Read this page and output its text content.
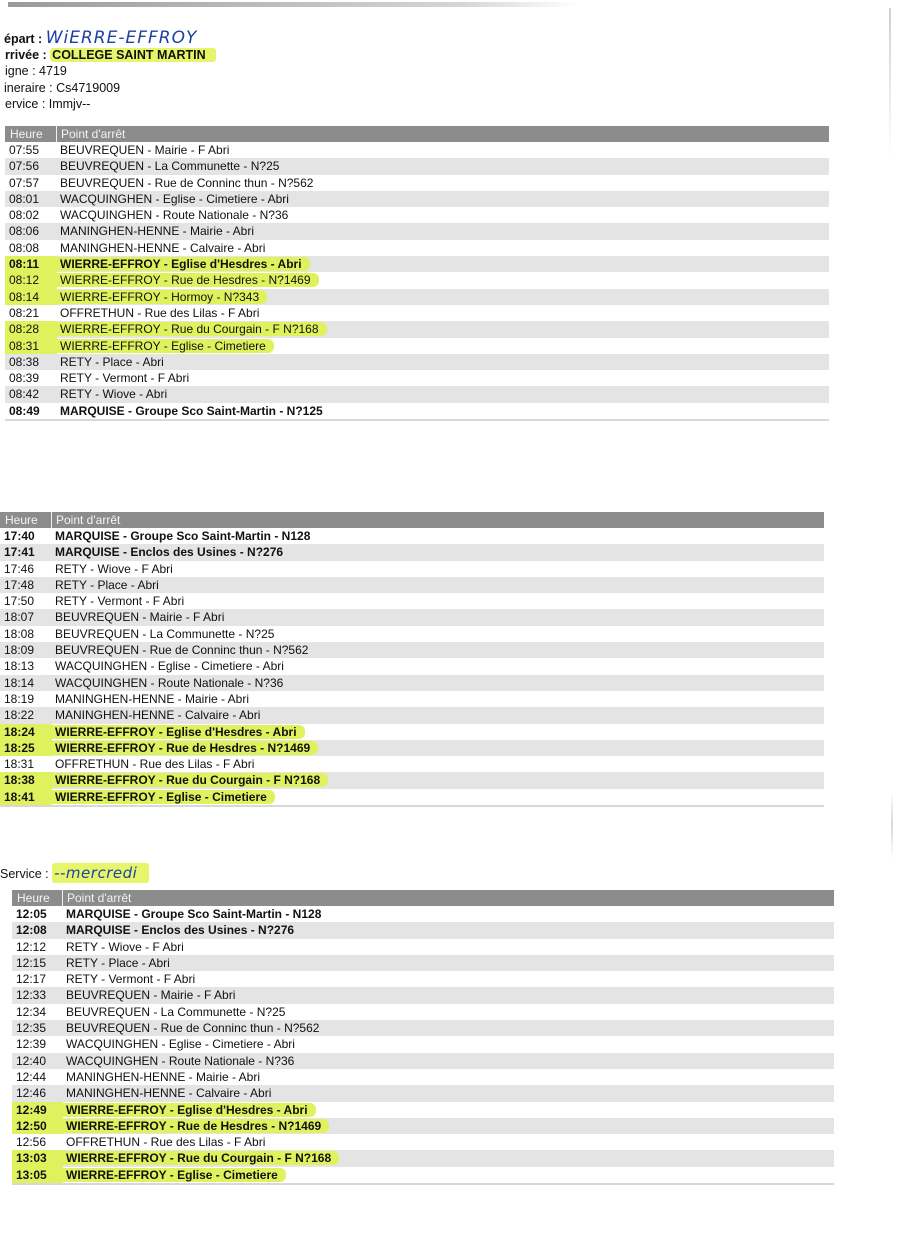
épart : WiERRE-EFFROY
rrivée : COLLEGE SAINT MARTIN
igne : 4719
ineraire : Cs4719009
ervice : Immjv--
Heure	Point d'arrêt
07:55	BEUVREQUEN - Mairie - F Abri
07:56	BEUVREQUEN - La Communette - N?25
07:57	BEUVREQUEN - Rue de Conninc thun - N?562
08:01	WACQUINGHEN - Eglise - Cimetiere - Abri
08:02	WACQUINGHEN - Route Nationale - N?36
08:06	MANINGHEN-HENNE - Mairie - Abri
08:08	MANINGHEN-HENNE - Calvaire - Abri
08:11	WIERRE-EFFROY - Eglise d'Hesdres - Abri
08:12	WIERRE-EFFROY - Rue de Hesdres - N?1469
08:14	WIERRE-EFFROY - Hormoy - N?343
08:21	OFFRETHUN - Rue des Lilas - F Abri
08:28	WIERRE-EFFROY - Rue du Courgain - F N?168
08:31	WIERRE-EFFROY - Eglise - Cimetiere
08:38	RETY - Place - Abri
08:39	RETY - Vermont - F Abri
08:42	RETY - Wiove - Abri
08:49	MARQUISE - Groupe Sco Saint-Martin - N?125
Heure	Point d'arrêt
17:40	MARQUISE - Groupe Sco Saint-Martin - N128
17:41	MARQUISE - Enclos des Usines - N?276
17:46	RETY - Wiove - F Abri
17:48	RETY - Place - Abri
17:50	RETY - Vermont - F Abri
18:07	BEUVREQUEN - Mairie - F Abri
18:08	BEUVREQUEN - La Communette - N?25
18:09	BEUVREQUEN - Rue de Conninc thun - N?562
18:13	WACQUINGHEN - Eglise - Cimetiere - Abri
18:14	WACQUINGHEN - Route Nationale - N?36
18:19	MANINGHEN-HENNE - Mairie - Abri
18:22	MANINGHEN-HENNE - Calvaire - Abri
18:24	WIERRE-EFFROY - Eglise d'Hesdres - Abri
18:25	WIERRE-EFFROY - Rue de Hesdres - N?1469
18:31	OFFRETHUN - Rue des Lilas - F Abri
18:38	WIERRE-EFFROY - Rue du Courgain - F N?168
18:41	WIERRE-EFFROY - Eglise - Cimetiere
Service : --mercredi
Heure	Point d'arrêt
12:05	MARQUISE - Groupe Sco Saint-Martin - N128
12:08	MARQUISE - Enclos des Usines - N?276
12:12	RETY - Wiove - F Abri
12:15	RETY - Place - Abri
12:17	RETY - Vermont - F Abri
12:33	BEUVREQUEN - Mairie - F Abri
12:34	BEUVREQUEN - La Communette - N?25
12:35	BEUVREQUEN - Rue de Conninc thun - N?562
12:39	WACQUINGHEN - Eglise - Cimetiere - Abri
12:40	WACQUINGHEN - Route Nationale - N?36
12:44	MANINGHEN-HENNE - Mairie - Abri
12:46	MANINGHEN-HENNE - Calvaire - Abri
12:49	WIERRE-EFFROY - Eglise d'Hesdres - Abri
12:50	WIERRE-EFFROY - Rue de Hesdres - N?1469
12:56	OFFRETHUN - Rue des Lilas - F Abri
13:03	WIERRE-EFFROY - Rue du Courgain - F N?168
13:05	WIERRE-EFFROY - Eglise - Cimetiere
